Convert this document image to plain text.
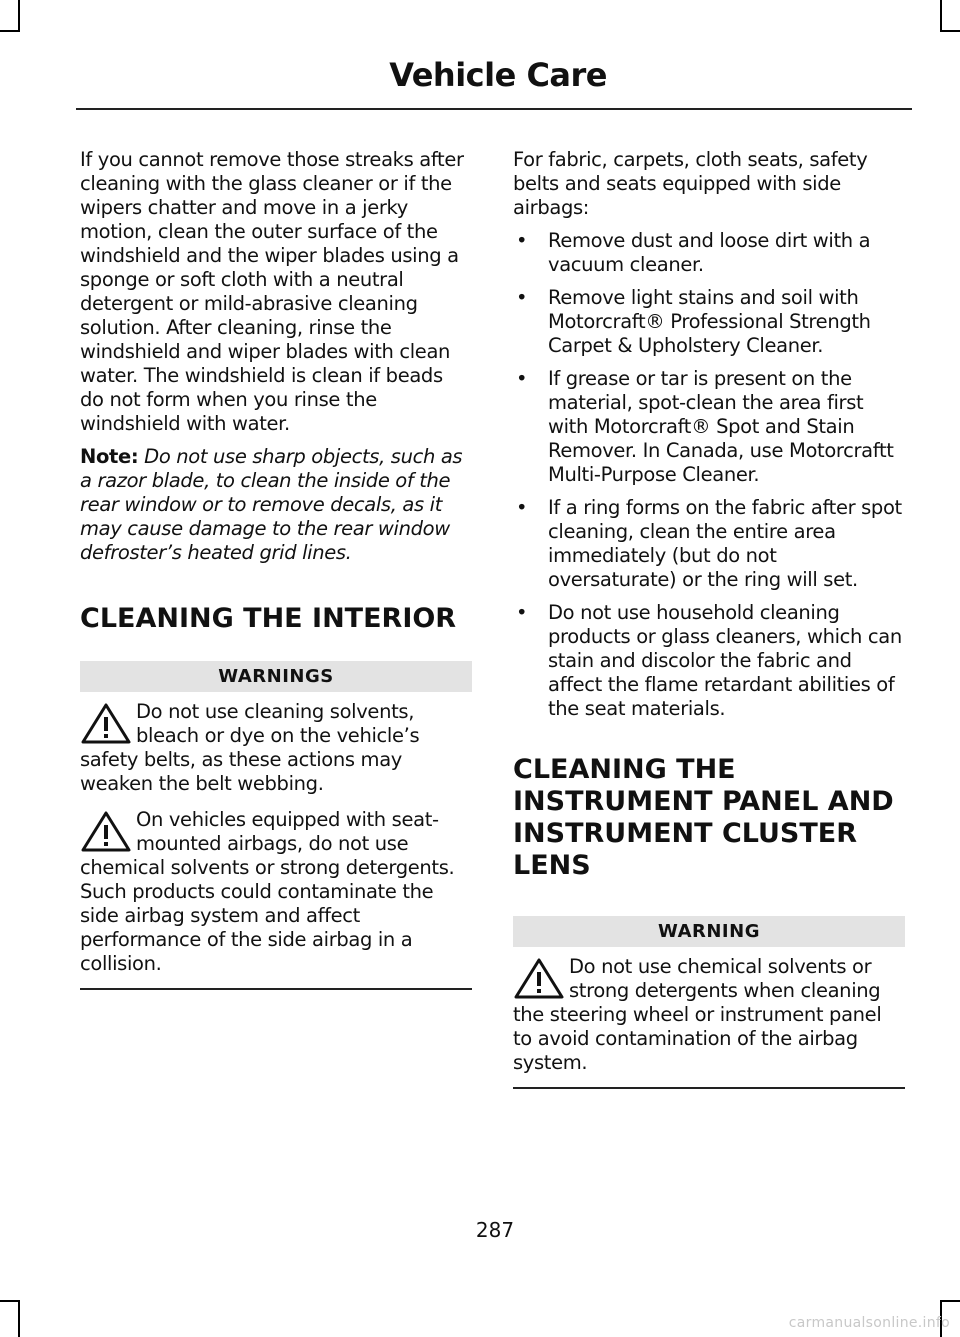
Vehicle Care

If you cannot remove those streaks after cleaning with the glass cleaner or if the wipers chatter and move in a jerky motion, clean the outer surface of the windshield and the wiper blades using a sponge or soft cloth with a neutral detergent or mild-abrasive cleaning solution. After cleaning, rinse the windshield and wiper blades with clean water. The windshield is clean if beads do not form when you rinse the windshield with water.

Note: Do not use sharp objects, such as a razor blade, to clean the inside of the rear window or to remove decals, as it may cause damage to the rear window defroster’s heated grid lines.

CLEANING THE INTERIOR
WARNINGS
Do not use cleaning solvents, bleach or dye on the vehicle’s safety belts, as these actions may weaken the belt webbing.
On vehicles equipped with seat-mounted airbags, do not use chemical solvents or strong detergents. Such products could contaminate the side airbag system and affect performance of the side airbag in a collision.

For fabric, carpets, cloth seats, safety belts and seats equipped with side airbags:

• Remove dust and loose dirt with a vacuum cleaner.
• Remove light stains and soil with Motorcraft® Professional Strength Carpet & Upholstery Cleaner.
• If grease or tar is present on the material, spot-clean the area first with Motorcraft® Spot and Stain Remover. In Canada, use Motorcraftt Multi-Purpose Cleaner.
• If a ring forms on the fabric after spot cleaning, clean the entire area immediately (but do not oversaturate) or the ring will set.
• Do not use household cleaning products or glass cleaners, which can stain and discolor the fabric and affect the flame retardant abilities of the seat materials.
CLEANING THE
INSTRUMENT PANEL AND
INSTRUMENT CLUSTER
LENS
WARNING
Do not use chemical solvents or strong detergents when cleaning the steering wheel or instrument panel to avoid contamination of the airbag system.
287
carmanualsonline.info
